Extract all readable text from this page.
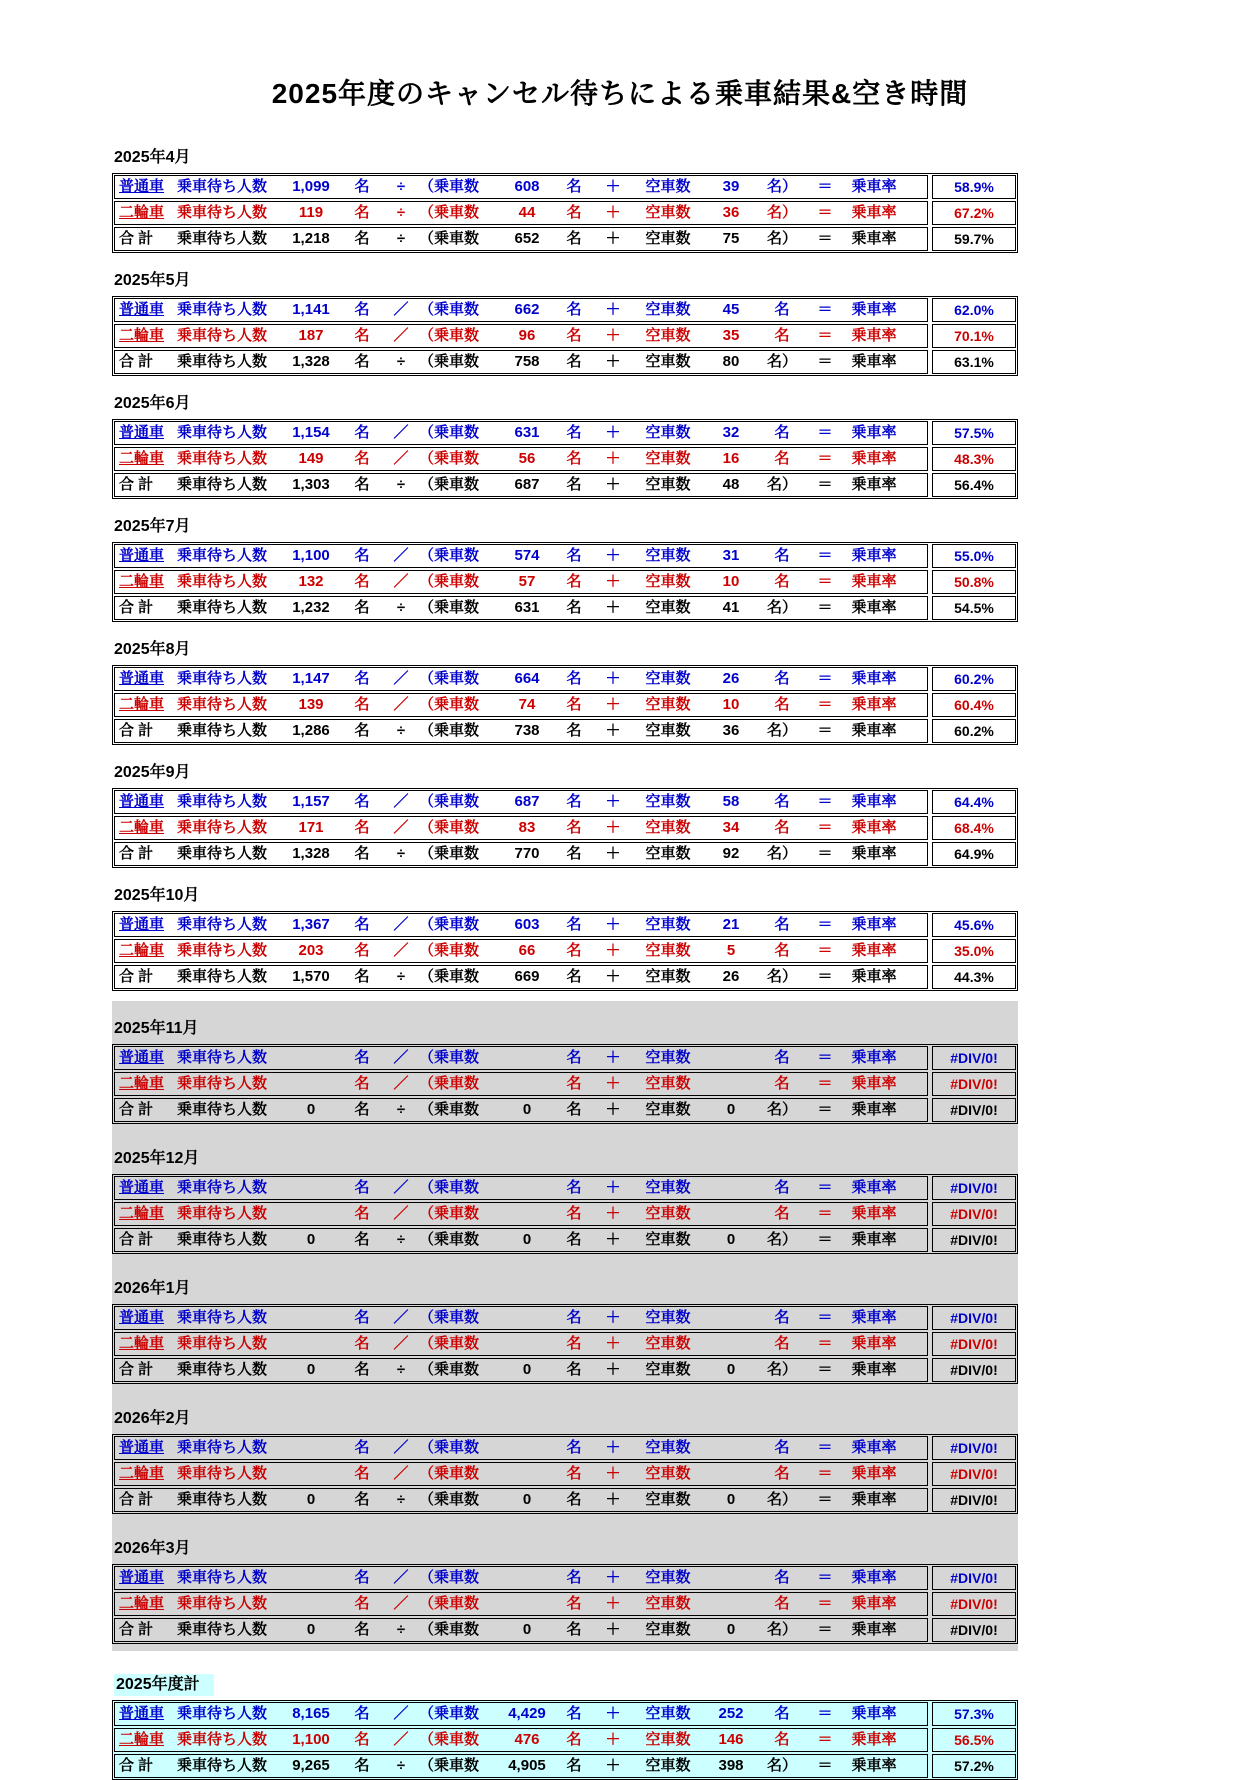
2025年度のキャンセル待ちによる乗車結果&空き時間
2025年4月
普通車 乗車待ち人数	1,099	名	÷ （乗車数	608	名	＋	空車数	39	名）	＝	乗車率	58.9%
二輪車 乗車待ち人数	119	名	÷ （乗車数	44	名	＋	空車数	36	名）	＝	乗車率	67.2%
合 計	乗車待ち人数	1,218	名	÷ （乗車数	652	名	＋	空車数	75	名）	＝	乗車率	59.7%
2025年5月
普通車 乗車待ち人数	1,141	名	／ （乗車数	662	名	＋	空車数	45	名	＝	乗車率	62.0%
二輪車 乗車待ち人数	187	名	／ （乗車数	96	名	＋	空車数	35	名	＝	乗車率	70.1%
合 計	乗車待ち人数	1,328	名	÷ （乗車数	758	名	＋	空車数	80	名）	＝	乗車率	63.1%
2025年6月
普通車 乗車待ち人数	1,154	名	／ （乗車数	631	名	＋	空車数	32	名	＝	乗車率	57.5%
二輪車 乗車待ち人数	149	名	／ （乗車数	56	名	＋	空車数	16	名	＝	乗車率	48.3%
合 計	乗車待ち人数	1,303	名	÷ （乗車数	687	名	＋	空車数	48	名）	＝	乗車率	56.4%
2025年7月
普通車 乗車待ち人数	1,100	名	／ （乗車数	574	名	＋	空車数	31	名	＝	乗車率	55.0%
二輪車 乗車待ち人数	132	名	／ （乗車数	57	名	＋	空車数	10	名	＝	乗車率	50.8%
合 計	乗車待ち人数	1,232	名	÷ （乗車数	631	名	＋	空車数	41	名）	＝	乗車率	54.5%
2025年8月
普通車 乗車待ち人数	1,147	名	／ （乗車数	664	名	＋	空車数	26	名	＝	乗車率	60.2%
二輪車 乗車待ち人数	139	名	／ （乗車数	74	名	＋	空車数	10	名	＝	乗車率	60.4%
合 計	乗車待ち人数	1,286	名	÷ （乗車数	738	名	＋	空車数	36	名）	＝	乗車率	60.2%
2025年9月
普通車 乗車待ち人数	1,157	名	／ （乗車数	687	名	＋	空車数	58	名	＝	乗車率	64.4%
二輪車 乗車待ち人数	171	名	／ （乗車数	83	名	＋	空車数	34	名	＝	乗車率	68.4%
合 計	乗車待ち人数	1,328	名	÷ （乗車数	770	名	＋	空車数	92	名）	＝	乗車率	64.9%
2025年10月
普通車 乗車待ち人数	1,367	名	／ （乗車数	603	名	＋	空車数	21	名	＝	乗車率	45.6%
二輪車 乗車待ち人数	203	名	／ （乗車数	66	名	＋	空車数	5	名	＝	乗車率	35.0%
合 計	乗車待ち人数	1,570	名	÷ （乗車数	669	名	＋	空車数	26	名）	＝	乗車率	44.3%
2025年11月
普通車 乗車待ち人数	名	／ （乗車数	名	＋	空車数	名	＝	乗車率	#DIV/0!
二輪車 乗車待ち人数	名	／ （乗車数	名	＋	空車数	名	＝	乗車率	#DIV/0!
合 計	乗車待ち人数	0	名	÷ （乗車数	0	名	＋	空車数	0	名）	＝	乗車率	#DIV/0!
2025年12月
普通車 乗車待ち人数	名	／ （乗車数	名	＋	空車数	名	＝	乗車率	#DIV/0!
二輪車 乗車待ち人数	名	／ （乗車数	名	＋	空車数	名	＝	乗車率	#DIV/0!
合 計	乗車待ち人数	0	名	÷ （乗車数	0	名	＋	空車数	0	名）	＝	乗車率	#DIV/0!
2026年1月
普通車 乗車待ち人数	名	／ （乗車数	名	＋	空車数	名	＝	乗車率	#DIV/0!
二輪車 乗車待ち人数	名	／ （乗車数	名	＋	空車数	名	＝	乗車率	#DIV/0!
合 計	乗車待ち人数	0	名	÷ （乗車数	0	名	＋	空車数	0	名）	＝	乗車率	#DIV/0!
2026年2月
普通車 乗車待ち人数	名	／ （乗車数	名	＋	空車数	名	＝	乗車率	#DIV/0!
二輪車 乗車待ち人数	名	／ （乗車数	名	＋	空車数	名	＝	乗車率	#DIV/0!
合 計	乗車待ち人数	0	名	÷ （乗車数	0	名	＋	空車数	0	名）	＝	乗車率	#DIV/0!
2026年3月
普通車 乗車待ち人数	名	／ （乗車数	名	＋	空車数	名	＝	乗車率	#DIV/0!
二輪車 乗車待ち人数	名	／ （乗車数	名	＋	空車数	名	＝	乗車率	#DIV/0!
合 計	乗車待ち人数	0	名	÷ （乗車数	0	名	＋	空車数	0	名）	＝	乗車率	#DIV/0!
2025年度計
普通車 乗車待ち人数	8,165	名	／ （乗車数	4,429	名	＋	空車数	252	名	＝	乗車率	57.3%
二輪車 乗車待ち人数	1,100	名	／ （乗車数	476	名	＋	空車数	146	名	＝	乗車率	56.5%
合 計	乗車待ち人数	9,265	名	÷ （乗車数	4,905	名	＋	空車数	398	名）	＝	乗車率	57.2%
